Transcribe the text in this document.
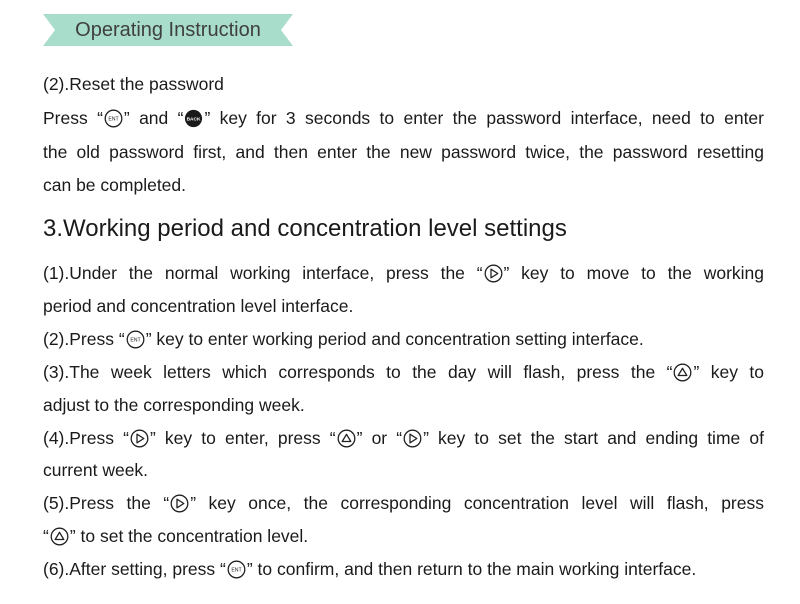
Operating Instruction
(2).Reset the password
Press “ ENT ” and “ BACK ” key for 3 seconds to enter the password interface, need to enter
the old password first, and then enter the new password twice, the password resetting
can be completed.
3.Working period and concentration level settings
(1).Under the normal working interface, press the “ ” key to move to the working
period and concentration level interface.
(2).Press “ ENT ” key to enter working period and concentration setting interface.
(3).The week letters which corresponds to the day will flash, press the “ ” key to
adjust to the corresponding week.
(4).Press “ ” key to enter, press “ ” or “ ” key to set the start and ending time of
current week.
(5).Press the “ ” key once, the corresponding concentration level will flash, press
“ ” to set the concentration level.
(6).After setting, press “ ENT ” to confirm, and then return to the main working interface.
